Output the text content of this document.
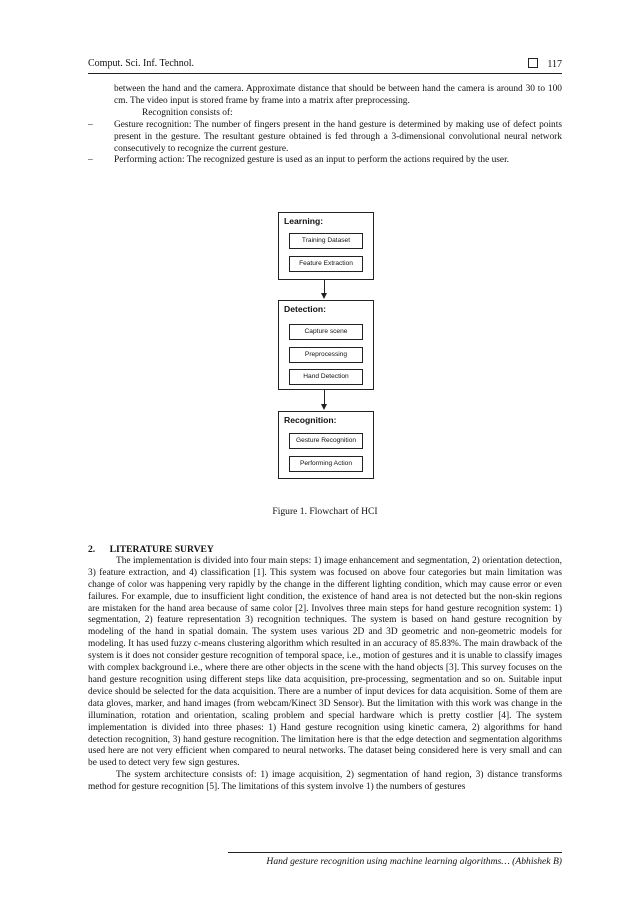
Comput. Sci. Inf. Technol.	117

between the hand and the camera. Approximate distance that should be between hand the camera is around 30 to 100 cm. The video input is stored frame by frame into a matrix after preprocessing.

Recognition consists of:

– Gesture recognition: The number of fingers present in the hand gesture is determined by making use of defect points present in the gesture. The resultant gesture obtained is fed through a 3-dimensional convolutional neural network consecutively to recognize the current gesture.

– Performing action: The recognized gesture is used as an input to perform the actions required by the user.

Learning:
Training Dataset
Feature Extraction
Detection:
Capture scene
Preprocessing
Hand Detection
Recognition:
Gesture Recognition
Performing Action
Figure 1. Flowchart of HCI
2.      LITERATURE SURVEY

The implementation is divided into four main steps: 1) image enhancement and segmentation, 2) orientation detection, 3) feature extraction, and 4) classification [1]. This system was focused on above four categories but main limitation was change of color was happening very rapidly by the change in the different lighting condition, which may cause error or even failures. For example, due to insufficient light condition, the existence of hand area is not detected but the non-skin regions are mistaken for the hand area because of same color [2]. Involves three main steps for hand gesture recognition system: 1) segmentation, 2) feature representation 3) recognition techniques. The system is based on hand gesture recognition by modeling of the hand in spatial domain. The system uses various 2D and 3D geometric and non-geometric models for modeling. It has used fuzzy c-means clustering algorithm which resulted in an accuracy of 85.83%. The main drawback of the system is it does not consider gesture recognition of temporal space, i.e., motion of gestures and it is unable to classify images with complex background i.e., where there are other objects in the scene with the hand objects [3]. This survey focuses on the hand gesture recognition using different steps like data acquisition, pre-processing, segmentation and so on. Suitable input device should be selected for the data acquisition. There are a number of input devices for data acquisition. Some of them are data gloves, marker, and hand images (from webcam/Kinect 3D Sensor). But the limitation with this work was change in the illumination, rotation and orientation, scaling problem and special hardware which is pretty costlier [4]. The system implementation is divided into three phases: 1) Hand gesture recognition using kinetic camera, 2) algorithms for hand detection recognition, 3) hand gesture recognition. The limitation here is that the edge detection and segmentation algorithms used here are not very efficient when compared to neural networks. The dataset being considered here is very small and can be used to detect very few sign gestures.

The system architecture consists of: 1) image acquisition, 2) segmentation of hand region, 3) distance transforms method for gesture recognition [5]. The limitations of this system involve 1) the numbers of gestures

Hand gesture recognition using machine learning algorithms… (Abhishek B)
